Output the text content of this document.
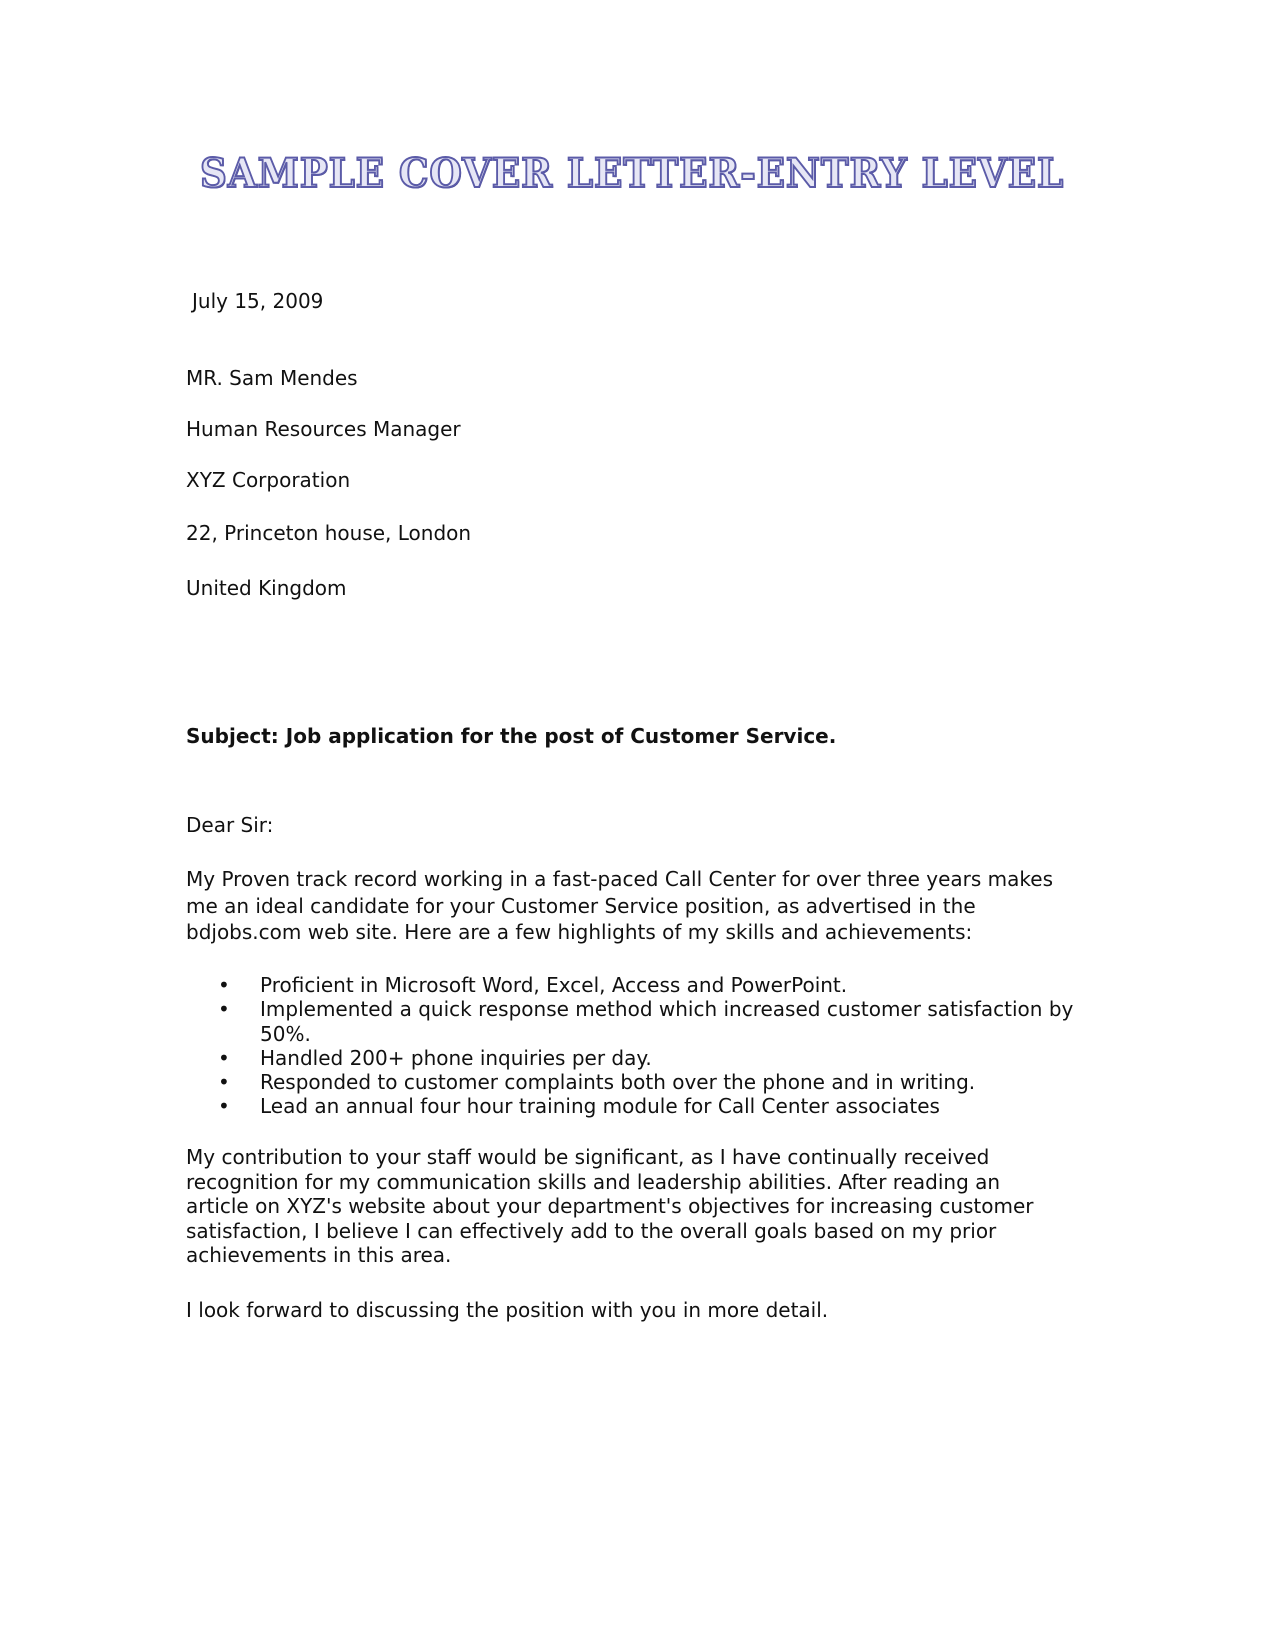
SAMPLE COVER LETTER-ENTRY LEVEL

July 15, 2009

MR. Sam Mendes

Human Resources Manager

XYZ Corporation

22, Princeton house, London

United Kingdom

Subject: Job application for the post of Customer Service.

Dear Sir:

My Proven track record working in a fast-paced Call Center for over three years makes me an ideal candidate for your Customer Service position, as advertised in the bdjobs.com web site. Here are a few highlights of my skills and achievements:

• Proficient in Microsoft Word, Excel, Access and PowerPoint.
• Implemented a quick response method which increased customer satisfaction by 50%.
• Handled 200+ phone inquiries per day.
• Responded to customer complaints both over the phone and in writing.
• Lead an annual four hour training module for Call Center associates

My contribution to your staff would be significant, as I have continually received recognition for my communication skills and leadership abilities. After reading an article on XYZ's website about your department's objectives for increasing customer satisfaction, I believe I can effectively add to the overall goals based on my prior achievements in this area.

I look forward to discussing the position with you in more detail.
